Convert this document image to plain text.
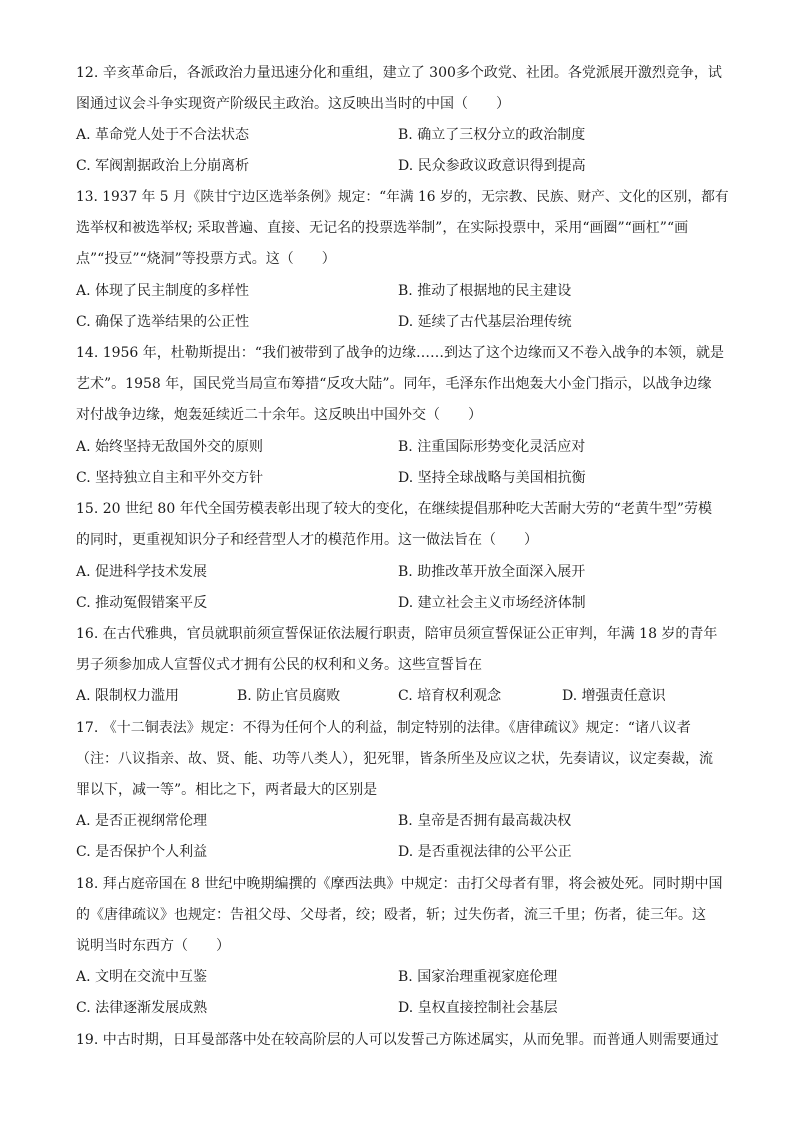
12. 辛亥革命后，各派政治力量迅速分化和重组，建立了 300多个政党、社团。各党派展开激烈竞争，试
图通过议会斗争实现资产阶级民主政治。这反映出当时的中国（　　）
A. 革命党人处于不合法状态	B. 确立了三权分立的政治制度
C. 军阀割据政治上分崩离析	D. 民众参政议政意识得到提高
13. 1937 年 5 月《陕甘宁边区选举条例》规定：“年满 16 岁的，无宗教、民族、财产、文化的区别，都有
选举权和被选举权; 采取普遍、直接、无记名的投票选举制”，在实际投票中，采用“画圈”“画杠”“画
点”“投豆”“烧洞”等投票方式。这（　　）
A. 体现了民主制度的多样性	B. 推动了根据地的民主建设
C. 确保了选举结果的公正性	D. 延续了古代基层治理传统
14. 1956 年，杜勒斯提出：“我们被带到了战争的边缘……到达了这个边缘而又不卷入战争的本领，就是
艺术”。1958 年，国民党当局宣布筹措“反攻大陆”。同年，毛泽东作出炮轰大小金门指示，以战争边缘
对付战争边缘，炮轰延续近二十余年。这反映出中国外交（　　）
A. 始终坚持无敌国外交的原则	B. 注重国际形势变化灵活应对
C. 坚持独立自主和平外交方针	D. 坚持全球战略与美国相抗衡
15. 20 世纪 80 年代全国劳模表彰出现了较大的变化，在继续提倡那种吃大苦耐大劳的“老黄牛型”劳模
的同时，更重视知识分子和经营型人才的模范作用。这一做法旨在（　　）
A. 促进科学技术发展	B. 助推改革开放全面深入展开
C. 推动冤假错案平反	D. 建立社会主义市场经济体制
16. 在古代雅典，官员就职前须宣誓保证依法履行职责，陪审员须宣誓保证公正审判，年满 18 岁的青年
男子须参加成人宣誓仪式才拥有公民的权利和义务。这些宣誓旨在
A. 限制权力滥用	B. 防止官员腐败	C. 培育权利观念	D. 增强责任意识
17. 《十二铜表法》规定：不得为任何个人的利益，制定特别的法律。《唐律疏议》规定：“诸八议者
（注：八议指亲、故、贤、能、功等八类人），犯死罪，皆条所坐及应议之状，先奏请议，议定奏裁，流
罪以下，减一等”。相比之下，两者最大的区别是
A. 是否正视纲常伦理	B. 皇帝是否拥有最高裁决权
C. 是否保护个人利益	D. 是否重视法律的公平公正
18. 拜占庭帝国在 8 世纪中晚期编撰的《摩西法典》中规定：击打父母者有罪，将会被处死。同时期中国
的《唐律疏议》也规定：告祖父母、父母者，绞；殴者，斩；过失伤者，流三千里；伤者，徒三年。这
说明当时东西方（　　）
A. 文明在交流中互鉴	B. 国家治理重视家庭伦理
C. 法律逐渐发展成熟	D. 皇权直接控制社会基层
19. 中古时期，日耳曼部落中处在较高阶层的人可以发誓己方陈述属实，从而免罪。而普通人则需要通过
